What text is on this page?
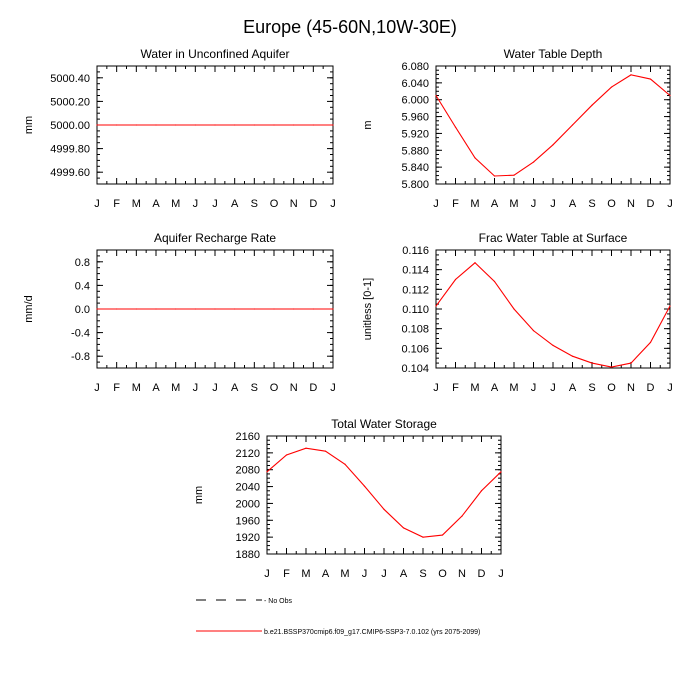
Europe (45-60N,10W-30E)
Water in Unconfined Aquifer
J F M A M J J A S O N D J
4999.60
4999.80
5000.00
5000.20
5000.40
mm
Water Table Depth
J F M A M J J A S O N D J
5.800
5.840
5.880
5.920
5.960
6.000
6.040
6.080
m
Aquifer Recharge Rate
J F M A M J J A S O N D J
-0.8
-0.4
0.0
0.4
0.8
mm/d
Frac Water Table at Surface
J F M A M J J A S O N D J
0.104
0.106
0.108
0.110
0.112
0.114
0.116
unitless [0-1]
Total Water Storage
J F M A M J J A S O N D J
1880
1920
1960
2000
2040
2080
2120
2160
mm
- No Obs
b.e21.BSSP370cmip6.f09_g17.CMIP6-SSP3-7.0.102 (yrs 2075-2099)
